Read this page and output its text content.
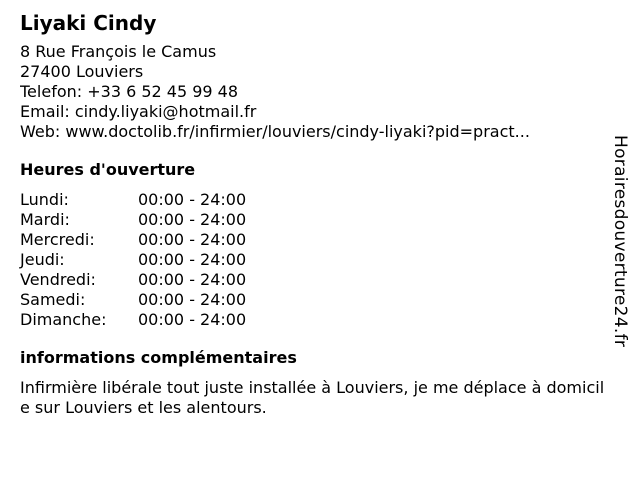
Liyaki Cindy
8 Rue François le Camus
27400 Louviers
Telefon: +33 6 52 45 99 48
Email: cindy.liyaki@hotmail.fr
Web: www.doctolib.fr/infirmier/louviers/cindy-liyaki?pid=pract...
Heures d'ouverture
Lundi:	00:00 - 24:00
Mardi:	00:00 - 24:00
Mercredi:	00:00 - 24:00
Jeudi:	00:00 - 24:00
Vendredi:	00:00 - 24:00
Samedi:	00:00 - 24:00
Dimanche:	00:00 - 24:00
informations complémentaires
Infirmière libérale tout juste installée à Louviers, je me déplace à domicile sur Louviers et les alentours.
Horairesdouverture24.fr
